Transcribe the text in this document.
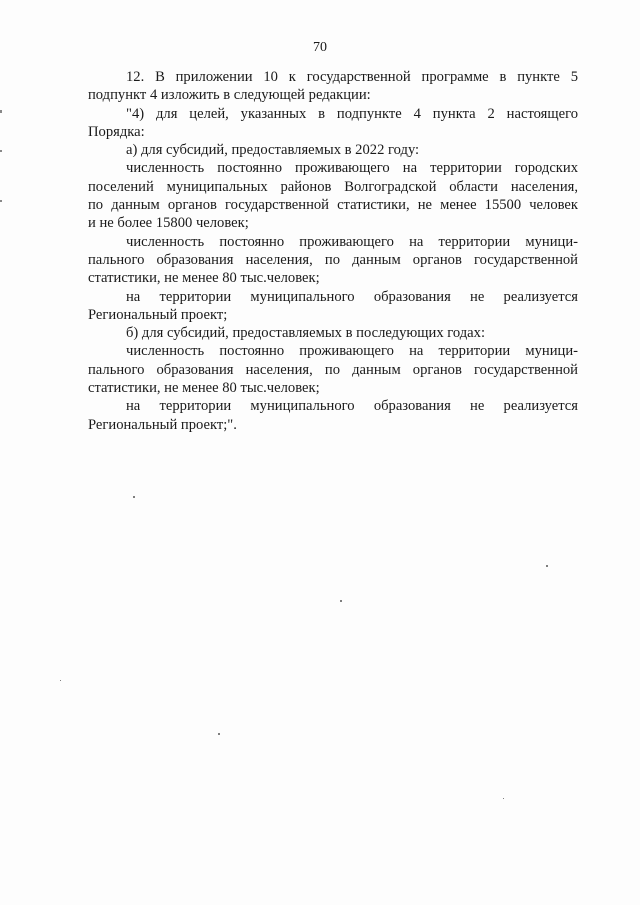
70
12. В приложении 10 к государственной программе в пункте 5
подпункт 4 изложить в следующей редакции:
"4) для целей, указанных в подпункте 4 пункта 2 настоящего
Порядка:
а) для субсидий, предоставляемых в 2022 году:
численность постоянно проживающего на территории городских
поселений муниципальных районов Волгоградской области населения,
по данным органов государственной статистики, не менее 15500 человек
и не более 15800 человек;
численность постоянно проживающего на территории муници-
пального образования населения, по данным органов государственной
статистики, не менее 80 тыс.человек;
на территории муниципального образования не реализуется
Региональный проект;
б) для субсидий, предоставляемых в последующих годах:
численность постоянно проживающего на территории муници-
пального образования населения, по данным органов государственной
статистики, не менее 80 тыс.человек;
на территории муниципального образования не реализуется
Региональный проект;".
